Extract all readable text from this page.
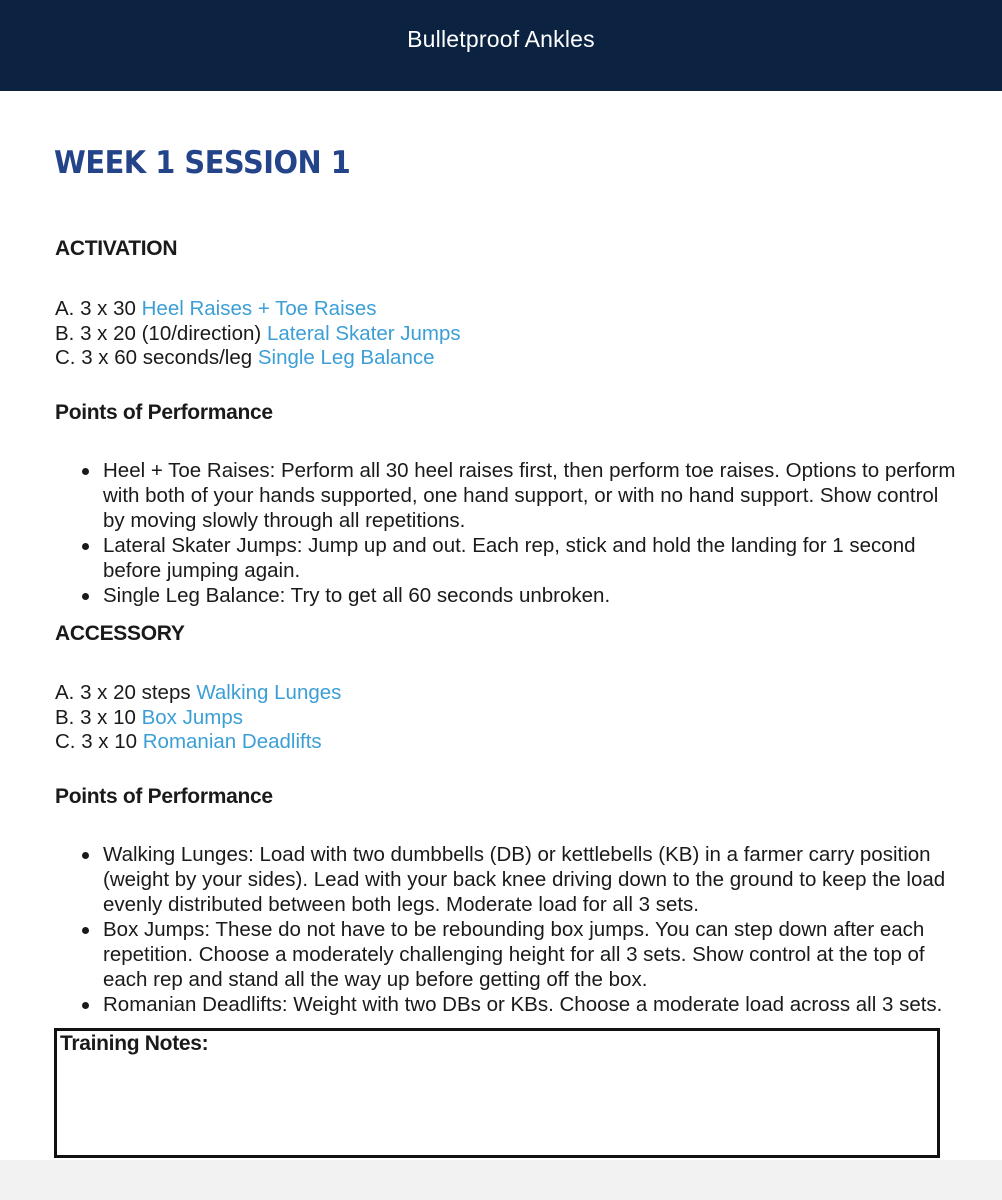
Bulletproof Ankles
WEEK 1 SESSION 1
ACTIVATION
A. 3 x 30 Heel Raises + Toe Raises
B. 3 x 20 (10/direction) Lateral Skater Jumps
C. 3 x 60 seconds/leg Single Leg Balance
Points of Performance
Heel + Toe Raises: Perform all 30 heel raises first, then perform toe raises. Options to perform with both of your hands supported, one hand support, or with no hand support. Show control by moving slowly through all repetitions.
Lateral Skater Jumps: Jump up and out. Each rep, stick and hold the landing for 1 second before jumping again.
Single Leg Balance: Try to get all 60 seconds unbroken.
ACCESSORY
A. 3 x 20 steps Walking Lunges
B. 3 x 10 Box Jumps
C. 3 x 10 Romanian Deadlifts
Points of Performance
Walking Lunges: Load with two dumbbells (DB) or kettlebells (KB) in a farmer carry position (weight by your sides). Lead with your back knee driving down to the ground to keep the load evenly distributed between both legs. Moderate load for all 3 sets.
Box Jumps: These do not have to be rebounding box jumps. You can step down after each repetition. Choose a moderately challenging height for all 3 sets. Show control at the top of each rep and stand all the way up before getting off the box.
Romanian Deadlifts: Weight with two DBs or KBs. Choose a moderate load across all 3 sets.
Training Notes:
